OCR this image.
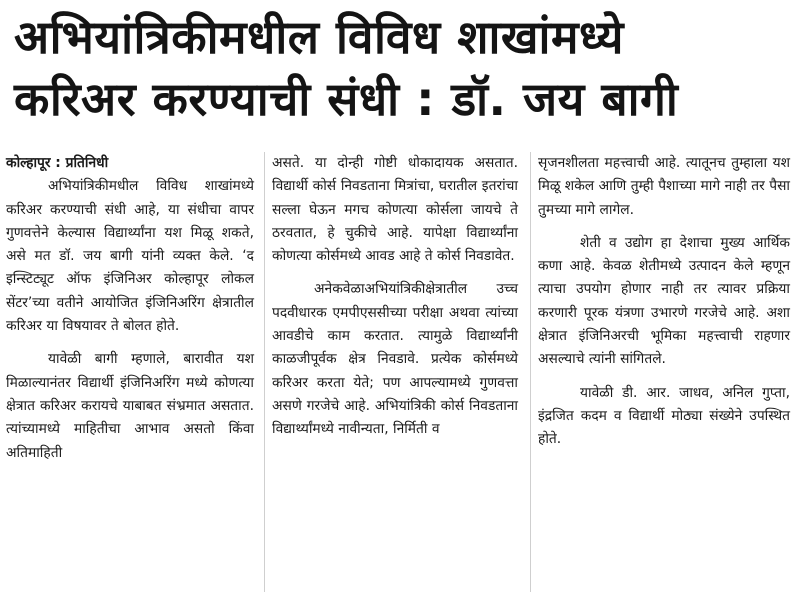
अभियांत्रिकीमधील विविध शाखांमध्ये
करिअर करण्याची संधी : डॉ. जय बागी
कोल्हापूर : प्रतिनिधी
अभियांत्रिकीमधील विविध शाखांमध्ये करिअर करण्याची संधी आहे, या संधीचा वापर गुणवत्तेने केल्यास विद्यार्थ्यांना यश मिळू शकते, असे मत डॉ. जय बागी यांनी व्यक्त केले. ‘द इन्स्टिट्यूट ऑफ इंजिनिअर कोल्हापूर लोकल सेंटर’च्या वतीने आयोजित इंजिनिअरिंग क्षेत्रातील करिअर या विषयावर ते बोलत होते.
यावेळी बागी म्हणाले, बारावीत यश मिळाल्यानंतर विद्यार्थी इंजिनिअरिंग मध्ये कोणत्या क्षेत्रात करिअर करायचे याबाबत संभ्रमात असतात. त्यांच्यामध्ये माहितीचा आभाव असतो किंवा अतिमाहिती
असते. या दोन्ही गोष्टी धोकादायक असतात. विद्यार्थी कोर्स निवडताना मित्रांचा, घरातील इतरांचा सल्ला घेऊन मगच कोणत्या कोर्सला जायचे ते ठरवतात, हे चुकीचे आहे. यापेक्षा विद्यार्थ्यांना कोणत्या कोर्समध्ये आवड आहे ते कोर्स निवडावेत.
अनेकवेळाअभियांत्रिकीक्षेत्रातील उच्च पदवीधारक एमपीएससीच्या परीक्षा अथवा त्यांच्या आवडीचे काम करतात. त्यामुळे विद्यार्थ्यांनी काळजीपूर्वक क्षेत्र निवडावे. प्रत्येक कोर्समध्ये करिअर करता येते; पण आपल्यामध्ये गुणवत्ता असणे गरजेचे आहे. अभियांत्रिकी कोर्स निवडताना विद्यार्थ्यांमध्ये नावीन्यता, निर्मिती व
सृजनशीलता महत्त्वाची आहे. त्यातूनच तुम्हाला यश मिळू शकेल आणि तुम्ही पैशाच्या मागे नाही तर पैसा तुमच्या मागे लागेल.
शेती व उद्योग हा देशाचा मुख्य आर्थिक कणा आहे. केवळ शेतीमध्ये उत्पादन केले म्हणून त्याचा उपयोग होणार नाही तर त्यावर प्रक्रिया करणारी पूरक यंत्रणा उभारणे गरजेचे आहे. अशा क्षेत्रात इंजिनिअरची भूमिका महत्त्वाची राहणार असल्याचे त्यांनी सांगितले.
यावेळी डी. आर. जाधव, अनिल गुप्ता, इंद्रजित कदम व विद्यार्थी मोठ्या संख्येने उपस्थित होते.
